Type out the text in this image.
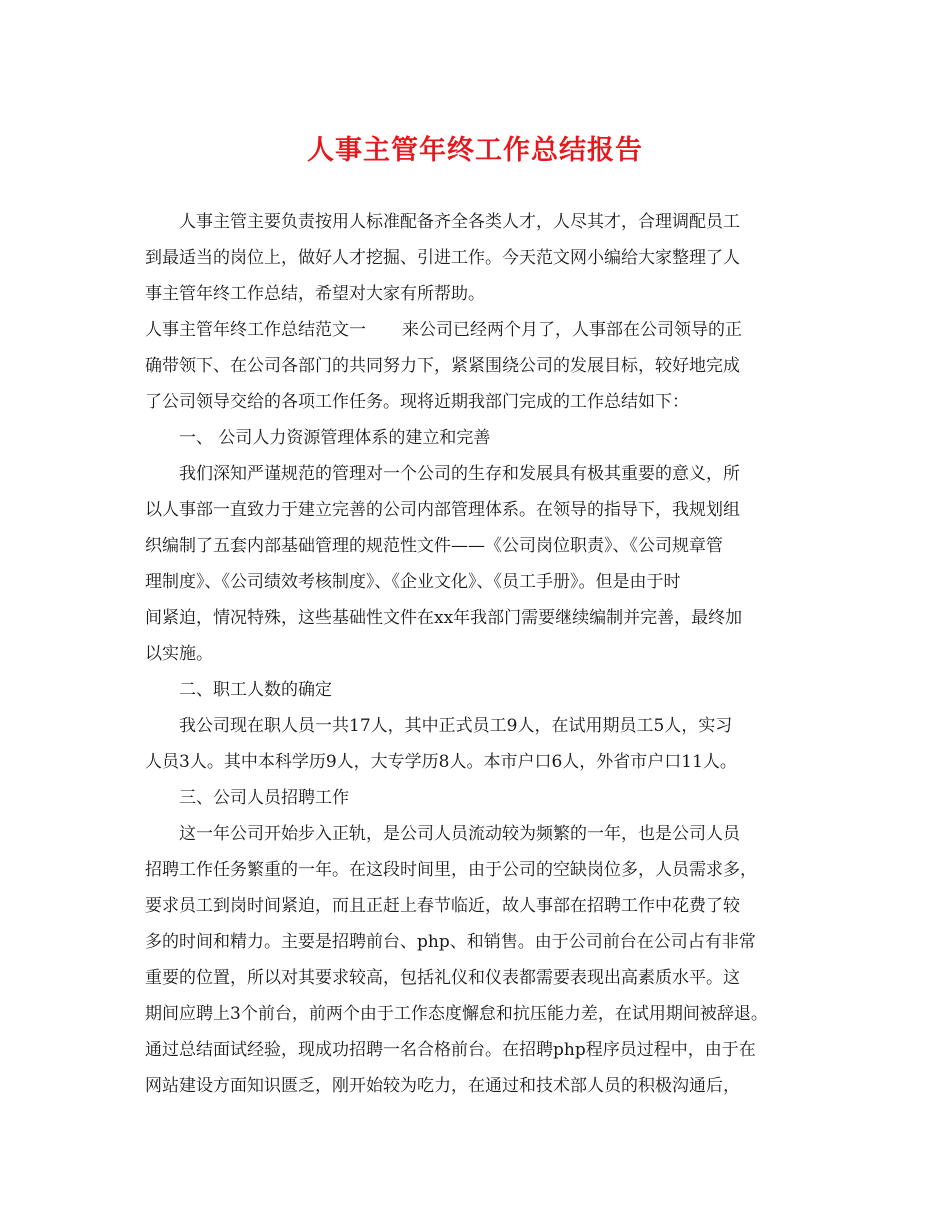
人事主管年终工作总结报告
人事主管主要负责按用人标准配备齐全各类人才，人尽其才，合理调配员工
到最适当的岗位上，做好人才挖掘、引进工作。今天范文网小编给大家整理了人
事主管年终工作总结，希望对大家有所帮助。
人事主管年终工作总结范文一 来公司已经两个月了，人事部在公司领导的正
确带领下、在公司各部门的共同努力下，紧紧围绕公司的发展目标，较好地完成
了公司领导交给的各项工作任务。现将近期我部门完成的工作总结如下：
一、 公司人力资源管理体系的建立和完善
我们深知严谨规范的管理对一个公司的生存和发展具有极其重要的意义，所
以人事部一直致力于建立完善的公司内部管理体系。在领导的指导下，我规划组
织编制了五套内部基础管理的规范性文件——《公司岗位职责》、《公司规章管
理制度》、《公司绩效考核制度》、《企业文化》、《员工手册》。但是由于时
间紧迫，情况特殊，这些基础性文件在xx年我部门需要继续编制并完善，最终加
以实施。
二、职工人数的确定
我公司现在职人员一共17人，其中正式员工9人，在试用期员工5人，实习
人员3人。其中本科学历9人，大专学历8人。本市户口6人，外省市户口11人。
三、公司人员招聘工作
这一年公司开始步入正轨，是公司人员流动较为频繁的一年，也是公司人员
招聘工作任务繁重的一年。在这段时间里，由于公司的空缺岗位多，人员需求多，
要求员工到岗时间紧迫，而且正赶上春节临近，故人事部在招聘工作中花费了较
多的时间和精力。主要是招聘前台、php、和销售。由于公司前台在公司占有非常
重要的位置，所以对其要求较高，包括礼仪和仪表都需要表现出高素质水平。这
期间应聘上3个前台，前两个由于工作态度懈怠和抗压能力差，在试用期间被辞退。
通过总结面试经验，现成功招聘一名合格前台。在招聘php程序员过程中，由于在
网站建设方面知识匮乏，刚开始较为吃力，在通过和技术部人员的积极沟通后，
